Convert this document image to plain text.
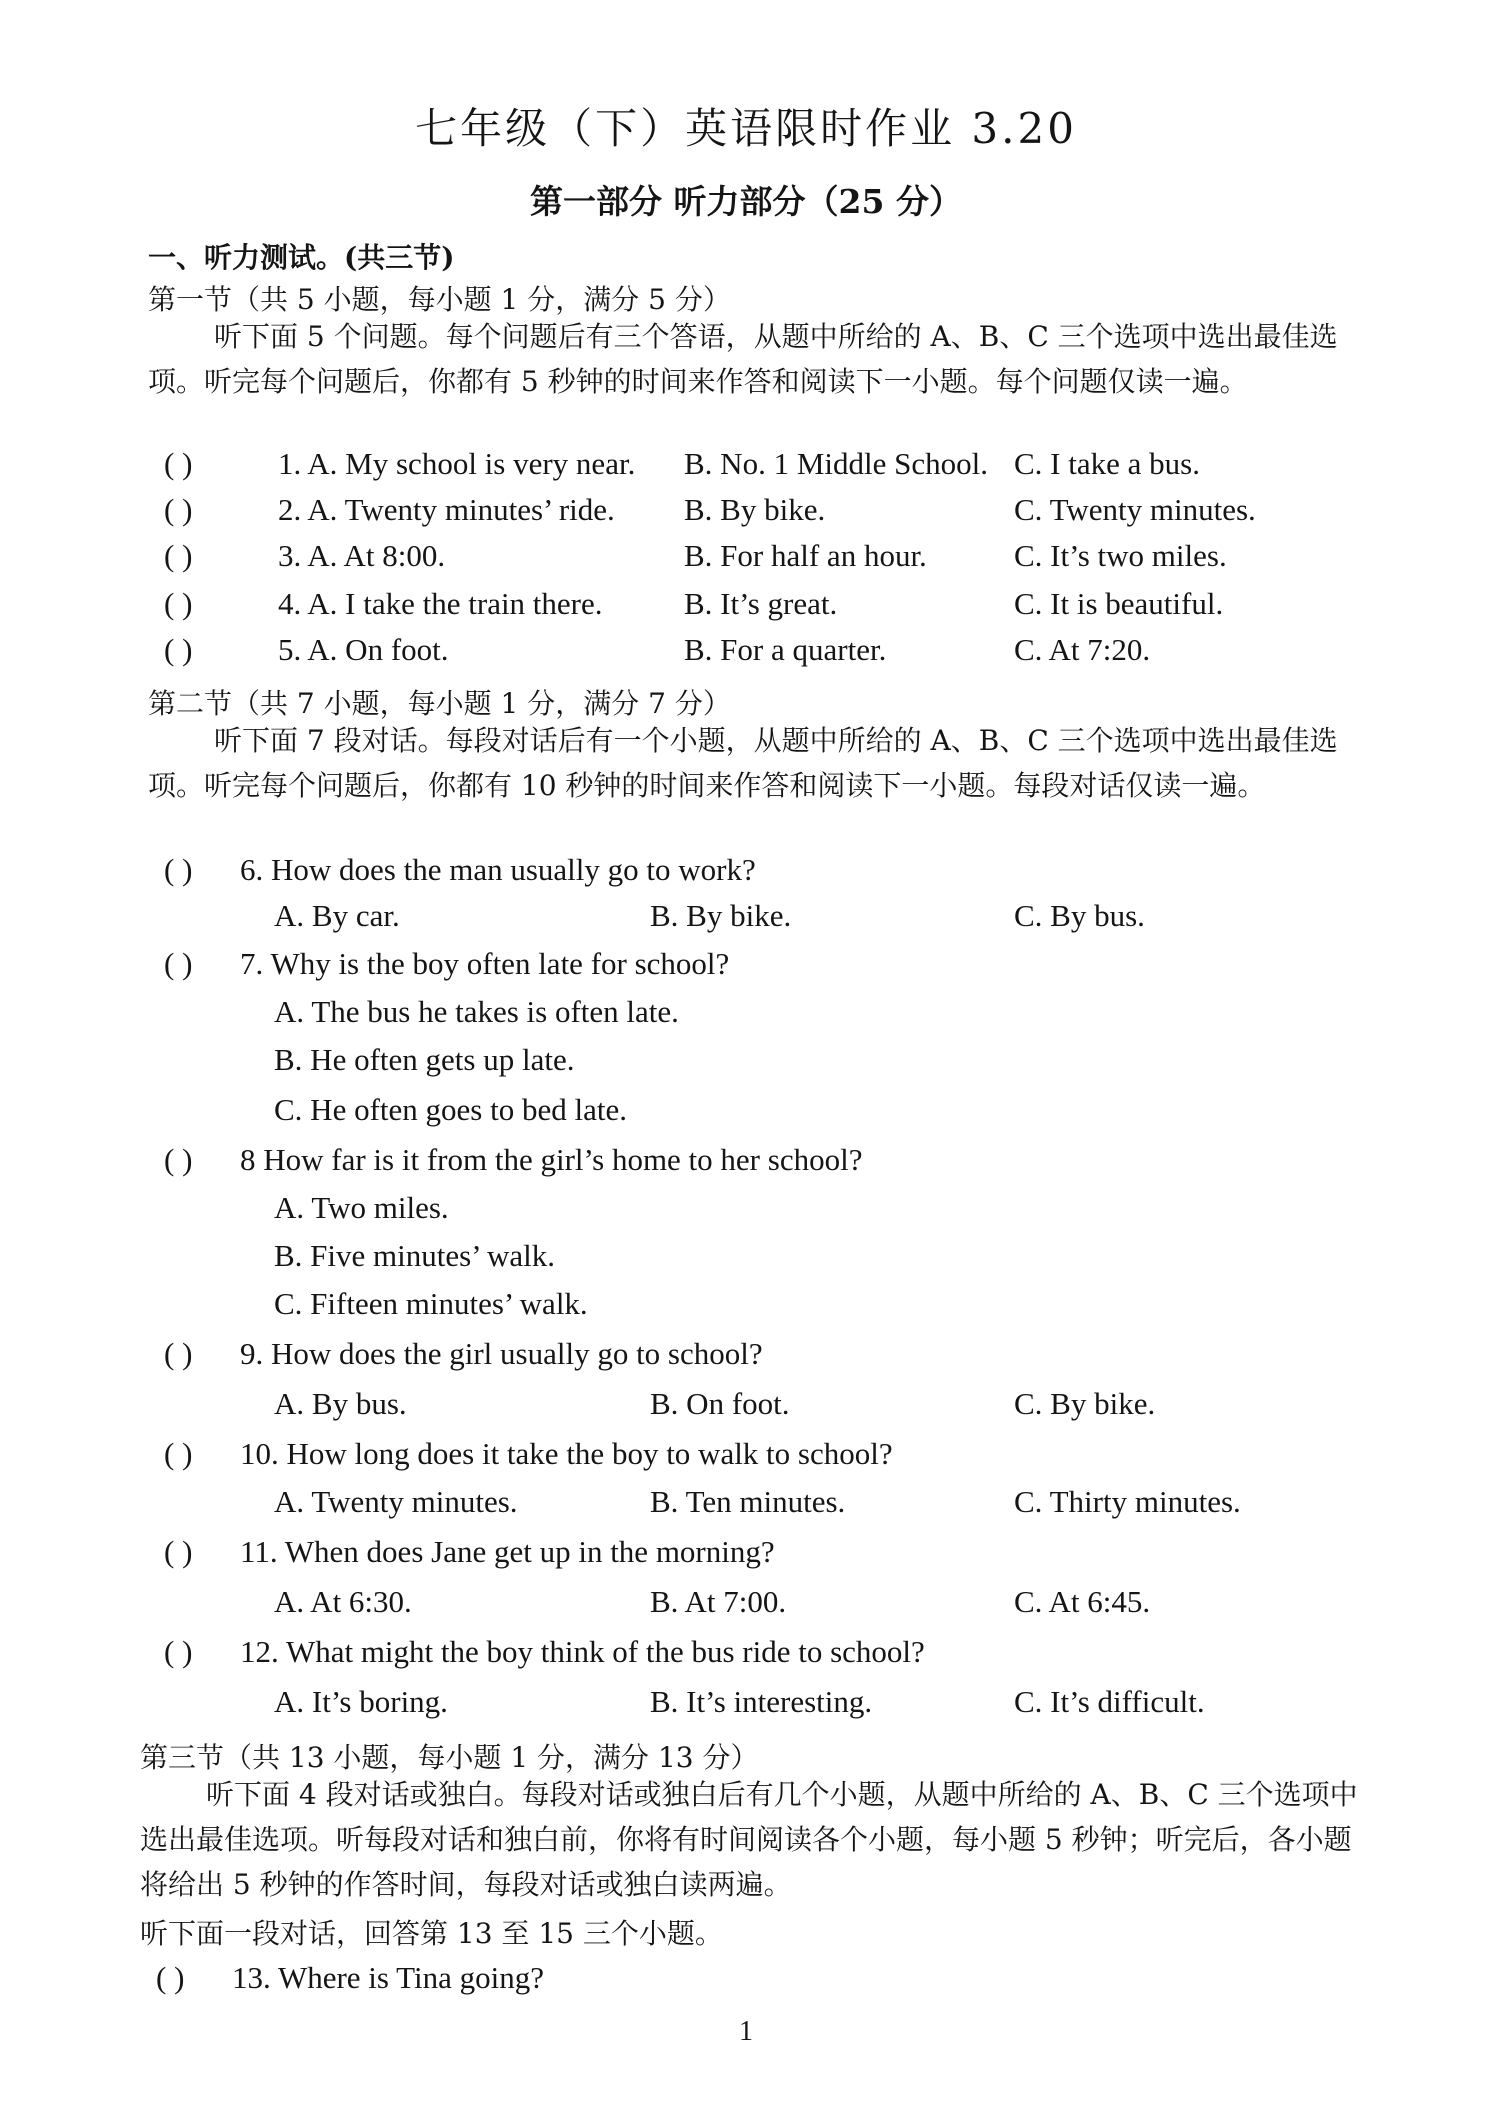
七年级（下）英语限时作业 3.20
第一部分 听力部分（25 分）
一、听力测试。(共三节)
第一节（共 5 小题，每小题 1 分，满分 5 分）
听下面 5 个问题。每个问题后有三个答语，从题中所给的 A、B、C 三个选项中选出最佳选项。听完每个问题后，你都有 5 秒钟的时间来作答和阅读下一小题。每个问题仅读一遍。
( )	1. A. My school is very near. B. No. 1 Middle School. C. I take a bus.
( )	2. A. Twenty minutes’ ride. B. By bike.	C. Twenty minutes.
( )	3. A. At 8:00.	B. For half an hour.	C. It’s two miles.
( )	4. A. I take the train there.	B. It’s great.	C. It is beautiful.
( )	5. A. On foot.	B. For a quarter.	C. At 7:20.
第二节（共 7 小题，每小题 1 分，满分 7 分）
听下面 7 段对话。每段对话后有一个小题，从题中所给的 A、B、C 三个选项中选出最佳选项。听完每个问题后，你都有 10 秒钟的时间来作答和阅读下一小题。每段对话仅读一遍。
( ) 6. How does the man usually go to work?
A. By car.	B. By bike.	C. By bus.
( ) 7. Why is the boy often late for school?
A. The bus he takes is often late.
B. He often gets up late.
C. He often goes to bed late.
( ) 8 How far is it from the girl’s home to her school?
A. Two miles.
B. Five minutes’ walk.
C. Fifteen minutes’ walk.
( ) 9. How does the girl usually go to school?
A. By bus.	B. On foot.	C. By bike.
( ) 10. How long does it take the boy to walk to school?
A. Twenty minutes.	B. Ten minutes.	C. Thirty minutes.
( ) 11. When does Jane get up in the morning?
A. At 6:30.	B. At 7:00.	C. At 6:45.
( ) 12. What might the boy think of the bus ride to school?
A. It’s boring.	B. It’s interesting.	C. It’s difficult.
第三节（共 13 小题，每小题 1 分，满分 13 分）
听下面 4 段对话或独白。每段对话或独白后有几个小题，从题中所给的 A、B、C 三个选项中选出最佳选项。听每段对话和独白前，你将有时间阅读各个小题，每小题 5 秒钟；听完后，各小题将给出 5 秒钟的作答时间，每段对话或独白读两遍。
听下面一段对话，回答第 13 至 15 三个小题。
( ) 13. Where is Tina going?
1
